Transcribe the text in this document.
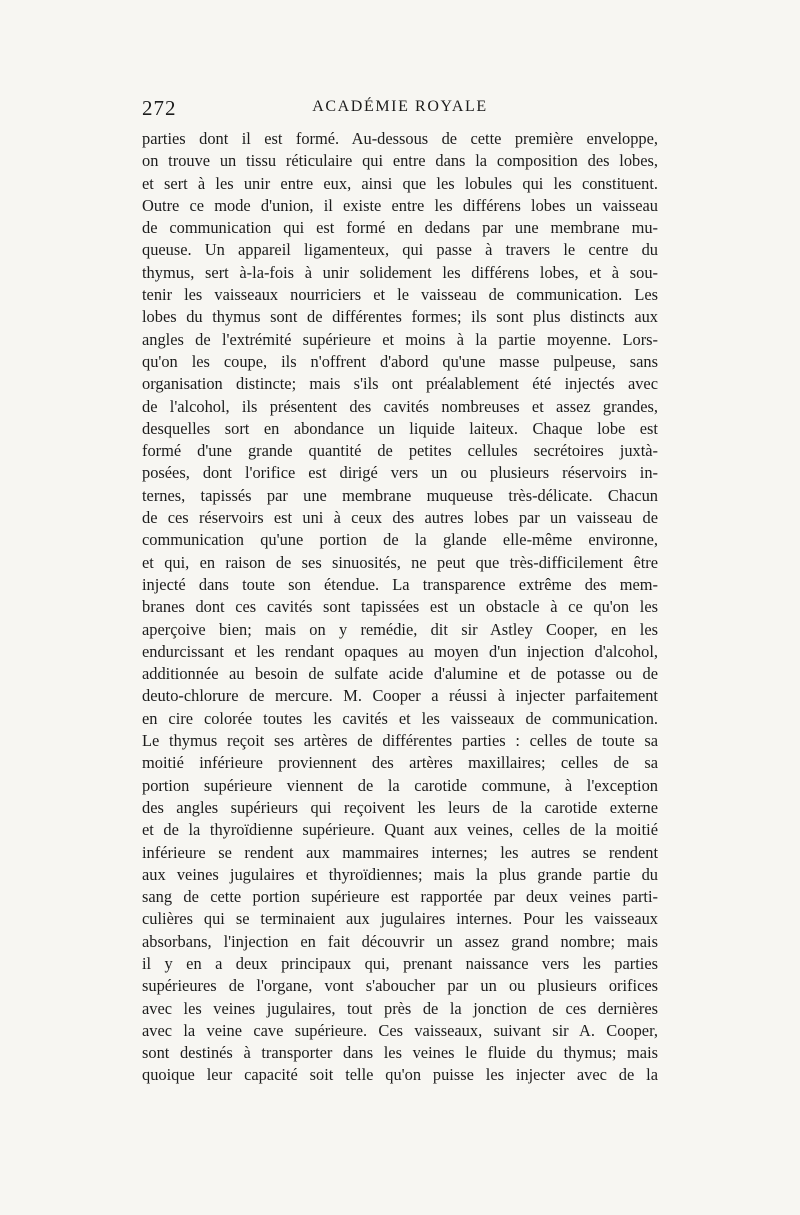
272	ACADÉMIE ROYALE
parties dont il est formé. Au-dessous de cette première enveloppe,
on trouve un tissu réticulaire qui entre dans la composition des lobes,
et sert à les unir entre eux, ainsi que les lobules qui les constituent.
Outre ce mode d'union, il existe entre les différens lobes un vaisseau
de communication qui est formé en dedans par une membrane mu-
queuse. Un appareil ligamenteux, qui passe à travers le centre du
thymus, sert à-la-fois à unir solidement les différens lobes, et à sou-
tenir les vaisseaux nourriciers et le vaisseau de communication. Les
lobes du thymus sont de différentes formes; ils sont plus distincts aux
angles de l'extrémité supérieure et moins à la partie moyenne. Lors-
qu'on les coupe, ils n'offrent d'abord qu'une masse pulpeuse, sans
organisation distincte; mais s'ils ont préalablement été injectés avec
de l'alcohol, ils présentent des cavités nombreuses et assez grandes,
desquelles sort en abondance un liquide laiteux. Chaque lobe est
formé d'une grande quantité de petites cellules secrétoires juxtà-
posées, dont l'orifice est dirigé vers un ou plusieurs réservoirs in-
ternes, tapissés par une membrane muqueuse très-délicate. Chacun
de ces réservoirs est uni à ceux des autres lobes par un vaisseau de
communication qu'une portion de la glande elle-même environne,
et qui, en raison de ses sinuosités, ne peut que très-difficilement être
injecté dans toute son étendue. La transparence extrême des mem-
branes dont ces cavités sont tapissées est un obstacle à ce qu'on les
aperçoive bien; mais on y remédie, dit sir Astley Cooper, en les
endurcissant et les rendant opaques au moyen d'un injection d'alcohol,
additionnée au besoin de sulfate acide d'alumine et de potasse ou de
deuto-chlorure de mercure. M. Cooper a réussi à injecter parfaitement
en cire colorée toutes les cavités et les vaisseaux de communication.
Le thymus reçoit ses artères de différentes parties : celles de toute sa
moitié inférieure proviennent des artères maxillaires; celles de sa
portion supérieure viennent de la carotide commune, à l'exception
des angles supérieurs qui reçoivent les leurs de la carotide externe
et de la thyroïdienne supérieure. Quant aux veines, celles de la moitié
inférieure se rendent aux mammaires internes; les autres se rendent
aux veines jugulaires et thyroïdiennes; mais la plus grande partie du
sang de cette portion supérieure est rapportée par deux veines parti-
culières qui se terminaient aux jugulaires internes. Pour les vaisseaux
absorbans, l'injection en fait découvrir un assez grand nombre; mais
il y en a deux principaux qui, prenant naissance vers les parties
supérieures de l'organe, vont s'aboucher par un ou plusieurs orifices
avec les veines jugulaires, tout près de la jonction de ces dernières
avec la veine cave supérieure. Ces vaisseaux, suivant sir A. Cooper,
sont destinés à transporter dans les veines le fluide du thymus; mais
quoique leur capacité soit telle qu'on puisse les injecter avec de la
